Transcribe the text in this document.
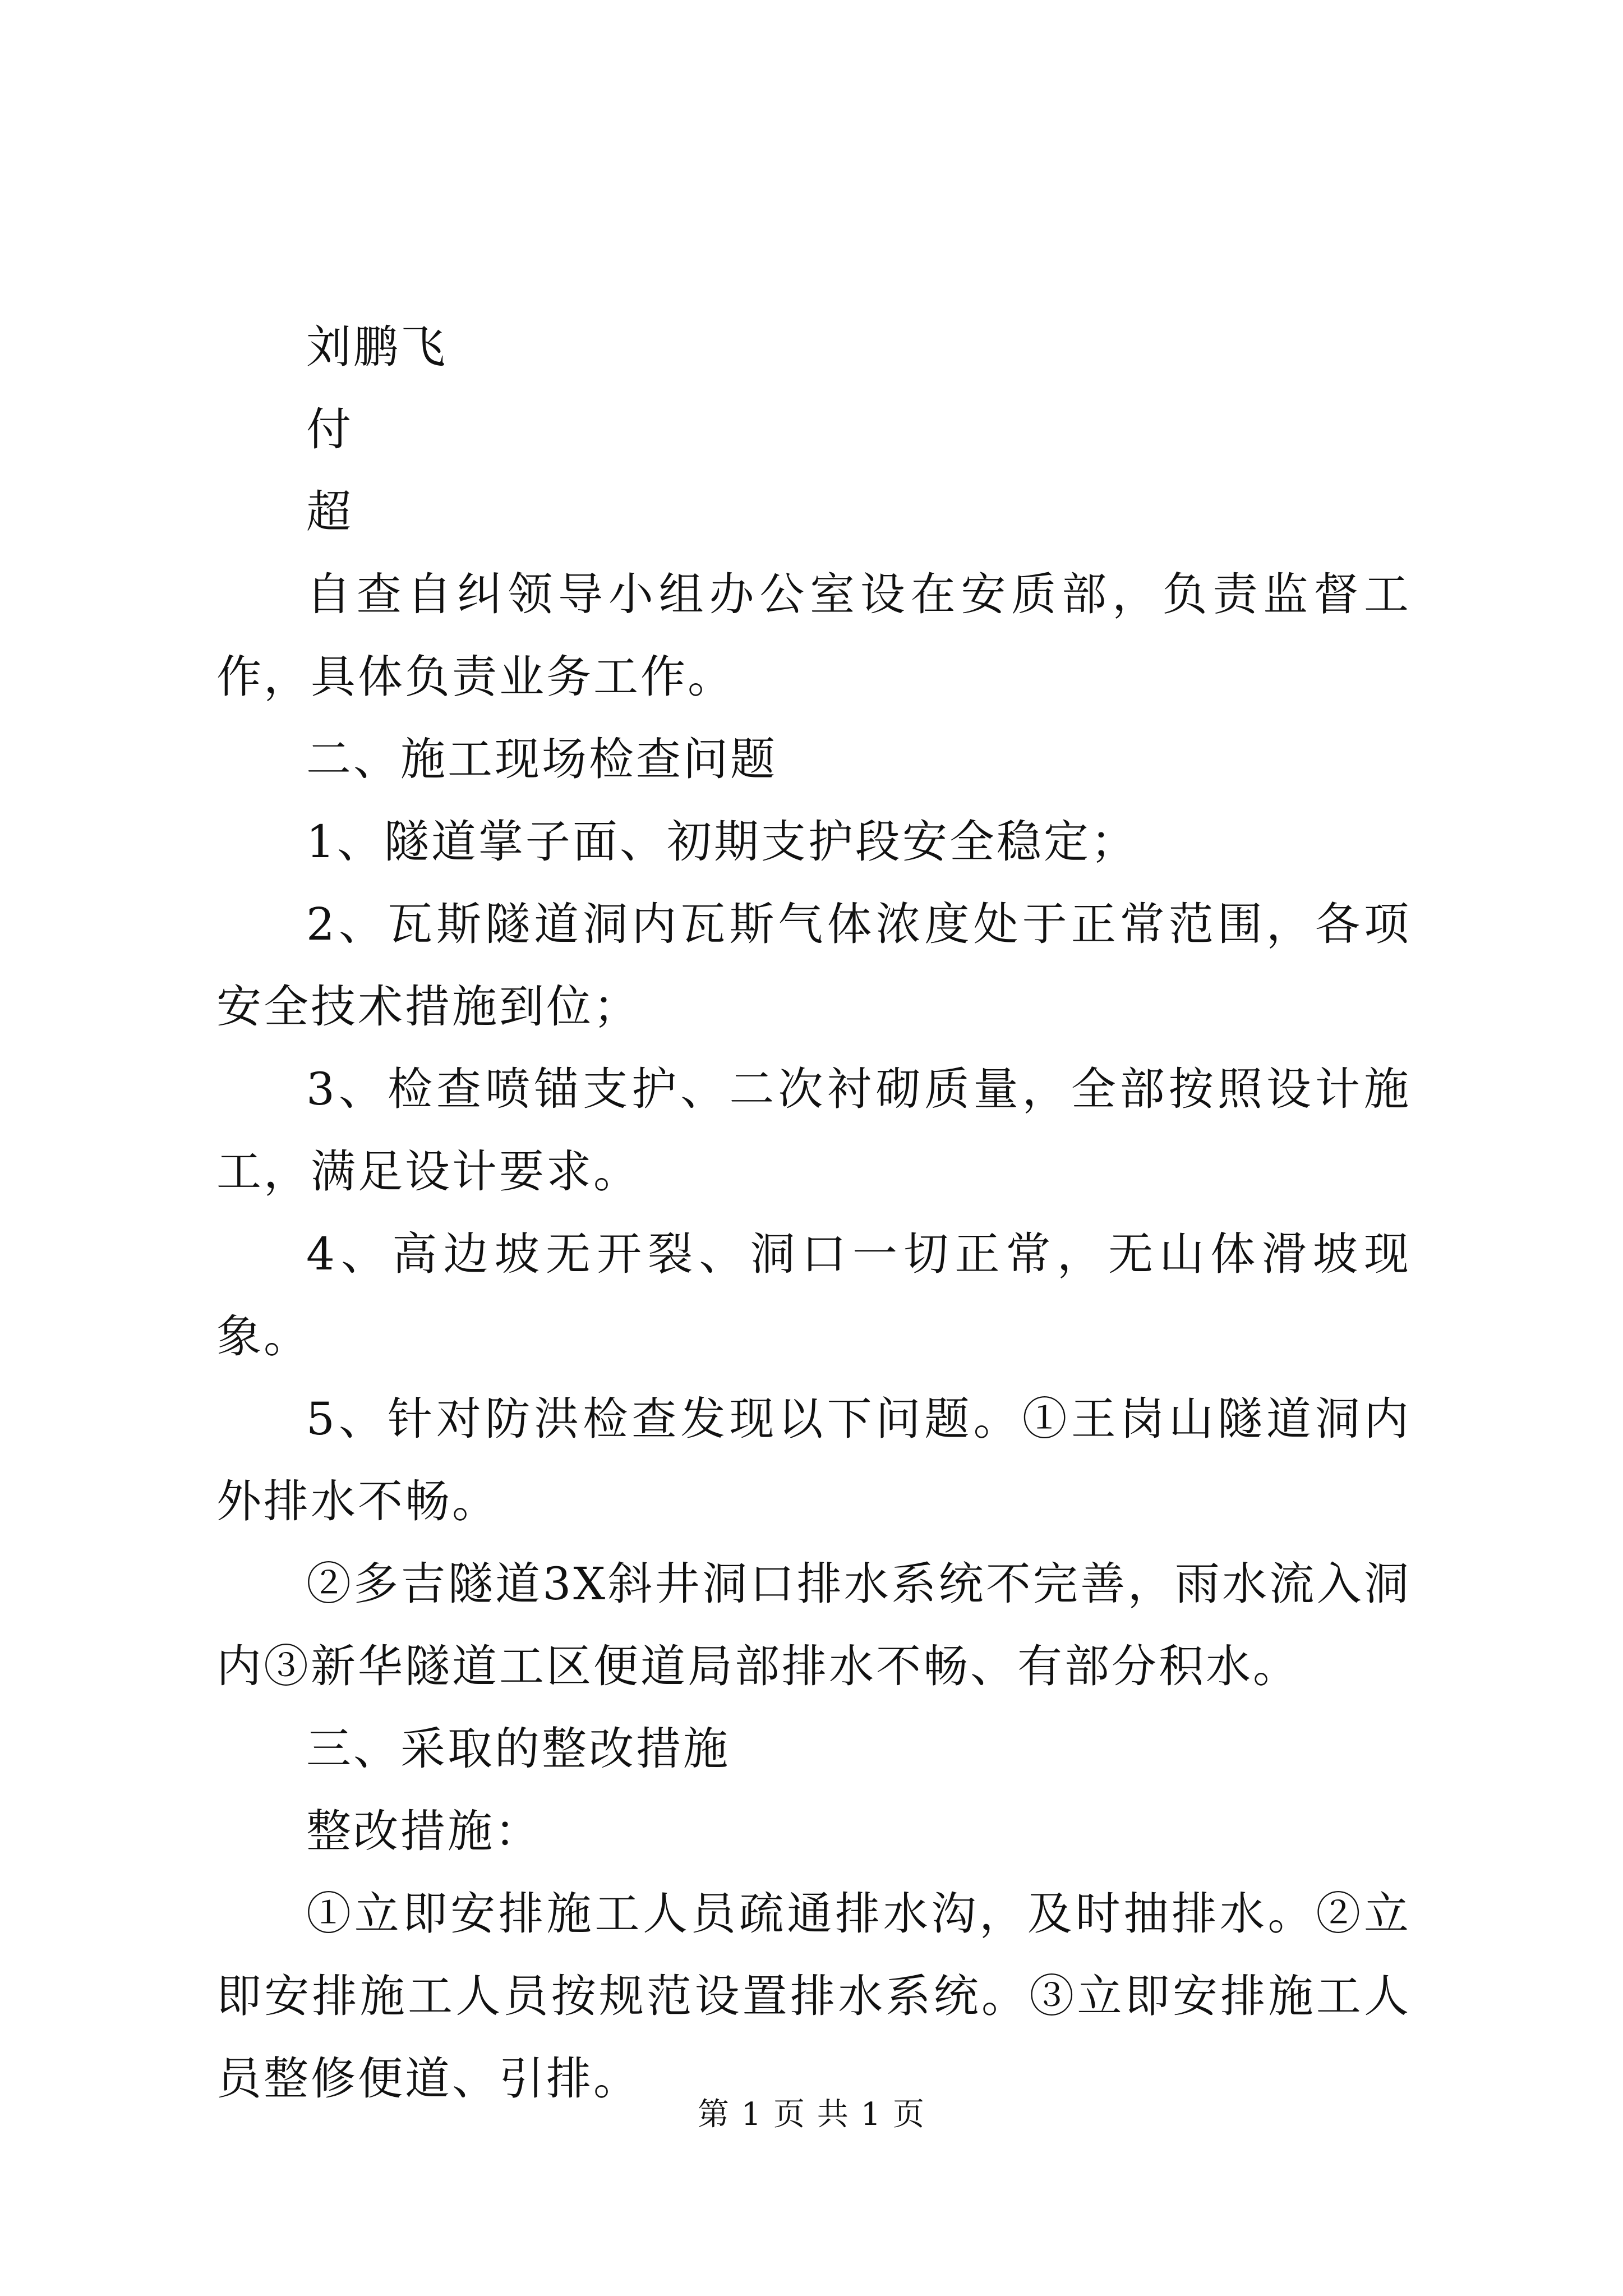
刘鹏飞

付

超

自查自纠领导小组办公室设在安质部，负责监督工作，具体负责业务工作。

二、施工现场检查问题

1、隧道掌子面、初期支护段安全稳定；

2、瓦斯隧道洞内瓦斯气体浓度处于正常范围，各项安全技术措施到位；

3、检查喷锚支护、二次衬砌质量，全部按照设计施工，满足设计要求。

4、高边坡无开裂、洞口一切正常，无山体滑坡现象。

5、针对防洪检查发现以下问题。①王岗山隧道洞内外排水不畅。

②多吉隧道3X斜井洞口排水系统不完善，雨水流入洞内③新华隧道工区便道局部排水不畅、有部分积水。

三、采取的整改措施

整改措施：

①立即安排施工人员疏通排水沟，及时抽排水。②立即安排施工人员按规范设置排水系统。③立即安排施工人员整修便道、引排。

第 1 页 共 1 页
